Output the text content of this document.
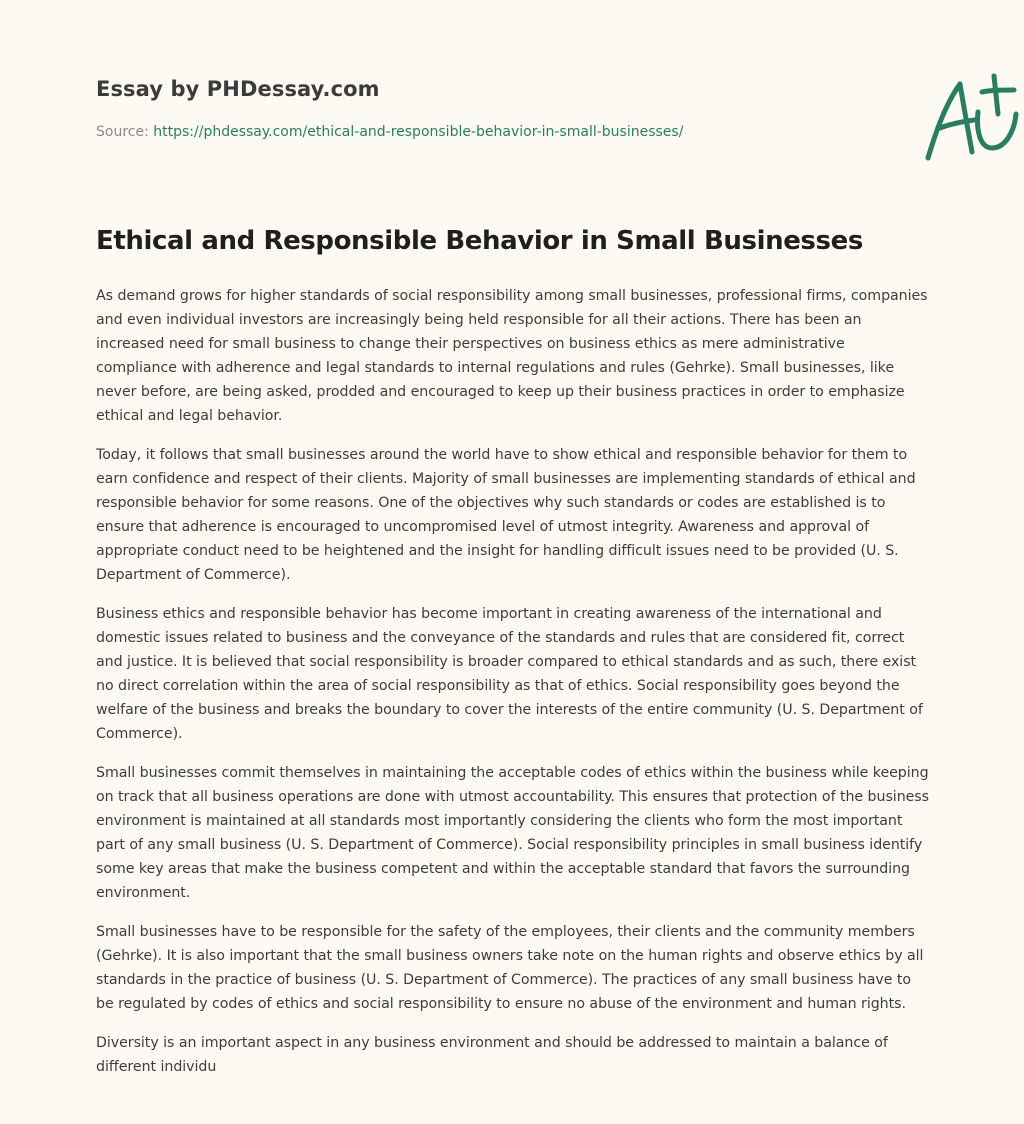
Essay by PHDessay.com
Source: https://phdessay.com/ethical-and-responsible-behavior-in-small-businesses/
Ethical and Responsible Behavior in Small Businesses

As demand grows for higher standards of social responsibility among small businesses, professional firms, companies and even individual investors are increasingly being held responsible for all their actions. There has been an increased need for small business to change their perspectives on business ethics as mere administrative compliance with adherence and legal standards to internal regulations and rules (Gehrke). Small businesses, like never before, are being asked, prodded and encouraged to keep up their business practices in order to emphasize ethical and legal behavior.

Today, it follows that small businesses around the world have to show ethical and responsible behavior for them to earn confidence and respect of their clients. Majority of small businesses are implementing standards of ethical and responsible behavior for some reasons. One of the objectives why such standards or codes are established is to ensure that adherence is encouraged to uncompromised level of utmost integrity. Awareness and approval of appropriate conduct need to be heightened and the insight for handling difficult issues need to be provided (U. S. Department of Commerce).

Business ethics and responsible behavior has become important in creating awareness of the international and domestic issues related to business and the conveyance of the standards and rules that are considered fit, correct and justice. It is believed that social responsibility is broader compared to ethical standards and as such, there exist no direct correlation within the area of social responsibility as that of ethics. Social responsibility goes beyond the welfare of the business and breaks the boundary to cover the interests of the entire community (U. S. Department of Commerce).

Small businesses commit themselves in maintaining the acceptable codes of ethics within the business while keeping on track that all business operations are done with utmost accountability. This ensures that protection of the business environment is maintained at all standards most importantly considering the clients who form the most important part of any small business (U. S. Department of Commerce). Social responsibility principles in small business identify some key areas that make the business competent and within the acceptable standard that favors the surrounding environment.

Small businesses have to be responsible for the safety of the employees, their clients and the community members (Gehrke). It is also important that the small business owners take note on the human rights and observe ethics by all standards in the practice of business (U. S. Department of Commerce). The practices of any small business have to be regulated by codes of ethics and social responsibility to ensure no abuse of the environment and human rights.

Diversity is an important aspect in any business environment and should be addressed to maintain a balance of different individu
